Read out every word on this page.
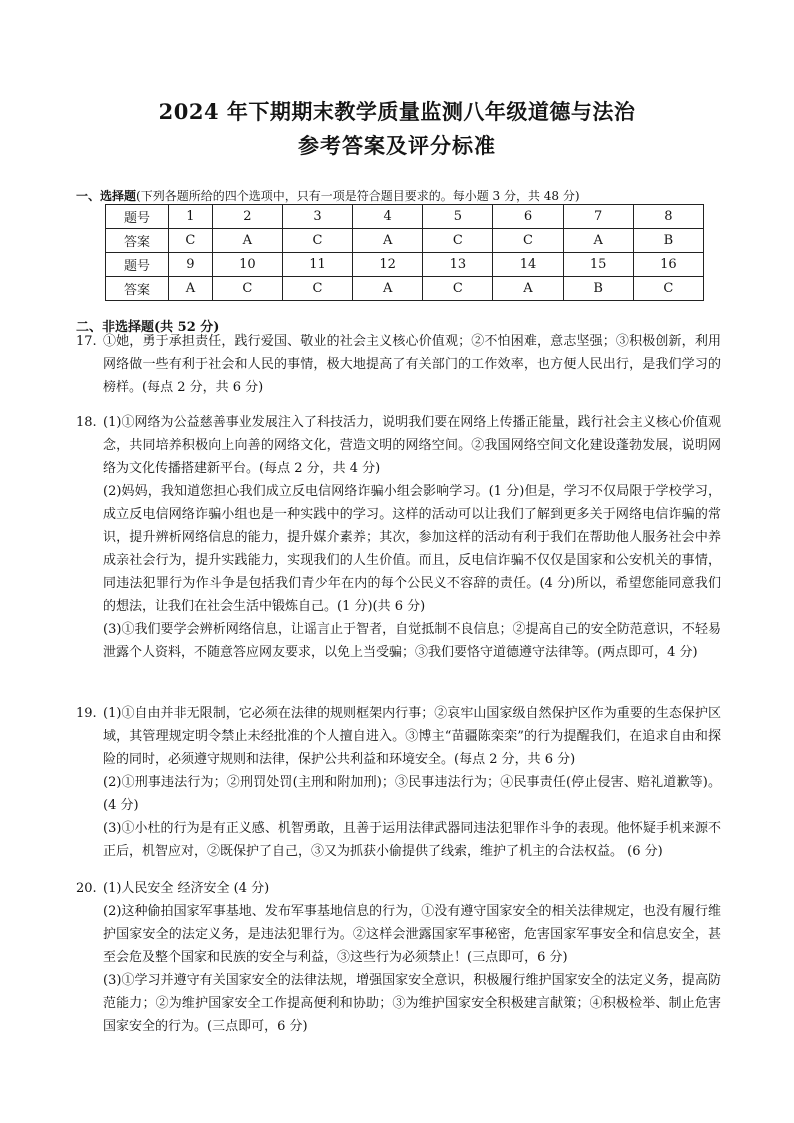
2024 年下期期末教学质量监测八年级道德与法治
参考答案及评分标准
一、选择题(下列各题所给的四个选项中，只有一项是符合题目要求的。每小题 3 分，共 48 分)
题号	1	2	3	4	5	6	7	8
答案	C	A	C	A	C	C	A	B
题号	9	10	11	12	13	14	15	16
答案	A	C	C	A	C	A	B	C
二、非选择题(共 52 分)
17. ①她，勇于承担责任，践行爱国、敬业的社会主义核心价值观；②不怕困难，意志坚强；③积极创新，利用网络做一些有利于社会和人民的事情，极大地提高了有关部门的工作效率，也方便人民出行，是我们学习的榜样。(每点 2 分，共 6 分)

18. (1)①网络为公益慈善事业发展注入了科技活力，说明我们要在网络上传播正能量，践行社会主义核心价值观念，共同培养积极向上向善的网络文化，营造文明的网络空间。②我国网络空间文化建设蓬勃发展，说明网络为文化传播搭建新平台。(每点 2 分，共 4 分)

(2)妈妈，我知道您担心我们成立反电信网络诈骗小组会影响学习。(1 分)但是，学习不仅局限于学校学习，成立反电信网络诈骗小组也是一种实践中的学习。这样的活动可以让我们了解到更多关于网络电信诈骗的常识，提升辨析网络信息的能力，提升媒介素养；其次，参加这样的活动有利于我们在帮助他人服务社会中养成亲社会行为，提升实践能力，实现我们的人生价值。而且，反电信诈骗不仅仅是国家和公安机关的事情，同违法犯罪行为作斗争是包括我们青少年在内的每个公民义不容辞的责任。(4 分)所以，希望您能同意我们的想法，让我们在社会生活中锻炼自己。(1 分)(共 6 分)

(3)①我们要学会辨析网络信息，让谣言止于智者，自觉抵制不良信息；②提高自己的安全防范意识，不轻易泄露个人资料，不随意答应网友要求，以免上当受骗；③我们要恪守道德遵守法律等。(两点即可，4 分)

19. (1)①自由并非无限制，它必须在法律的规则框架内行事；②哀牢山国家级自然保护区作为重要的生态保护区域，其管理规定明令禁止未经批准的个人擅自进入。③博主“苗疆陈栾栾”的行为提醒我们，在追求自由和探险的同时，必须遵守规则和法律，保护公共利益和环境安全。(每点 2 分，共 6 分)

(2)①刑事违法行为；②刑罚处罚(主刑和附加刑)；③民事违法行为；④民事责任(停止侵害、赔礼道歉等)。(4 分)

(3)①小杜的行为是有正义感、机智勇敢，且善于运用法律武器同违法犯罪作斗争的表现。他怀疑手机来源不正后，机智应对，②既保护了自己，③又为抓获小偷提供了线索，维护了机主的合法权益。 (6 分)

20. (1)人民安全 经济安全 (4 分)

(2)这种偷拍国家军事基地、发布军事基地信息的行为，①没有遵守国家安全的相关法律规定，也没有履行维护国家安全的法定义务，是违法犯罪行为。②这样会泄露国家军事秘密，危害国家军事安全和信息安全，甚至会危及整个国家和民族的安全与利益，③这些行为必须禁止！(三点即可，6 分)

(3)①学习并遵守有关国家安全的法律法规，增强国家安全意识，积极履行维护国家安全的法定义务，提高防范能力；②为维护国家安全工作提高便利和协助；③为维护国家安全积极建言献策；④积极检举、制止危害国家安全的行为。(三点即可，6 分)
